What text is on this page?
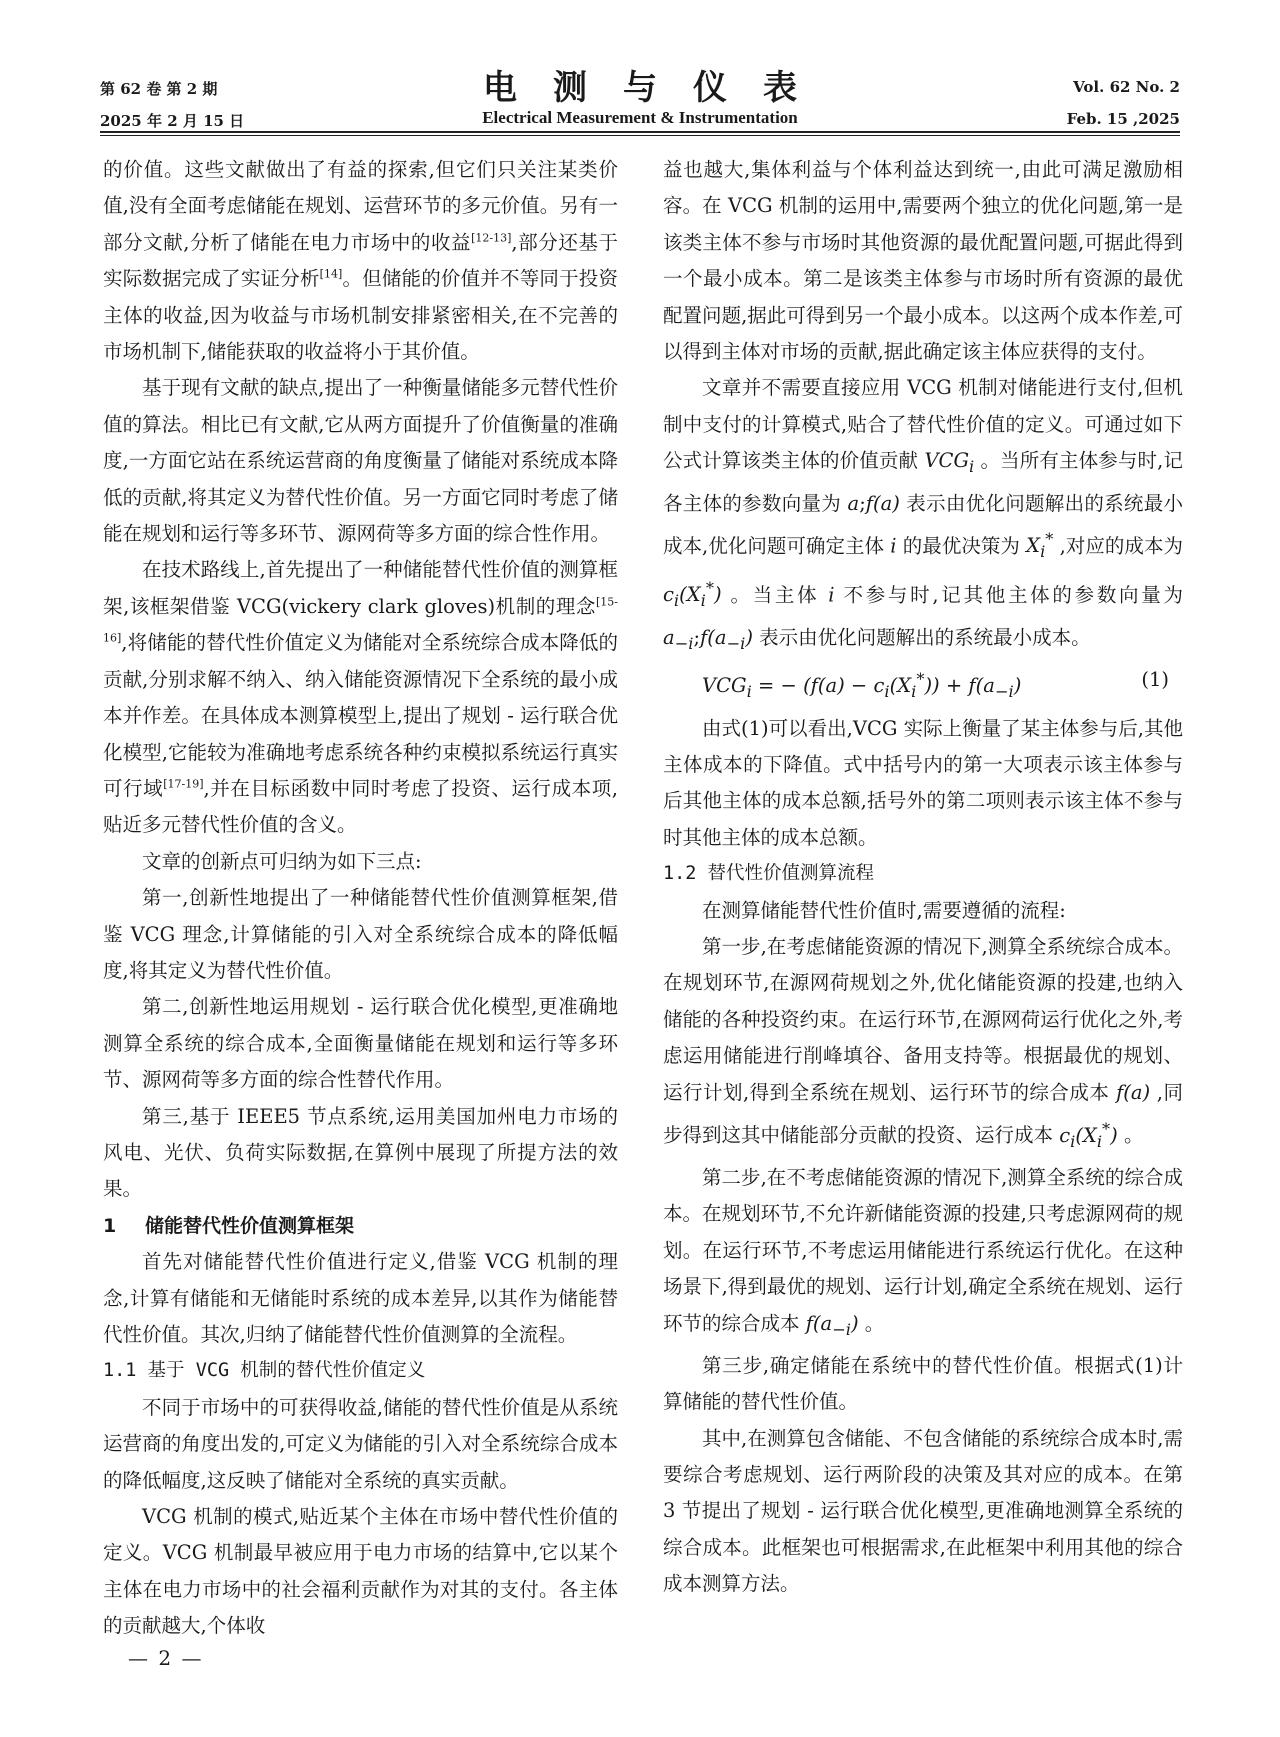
第 62 卷 第 2 期
2025 年 2 月 15 日
电测与仪表
Electrical Measurement & Instrumentation
Vol. 62 No. 2
Feb. 15 ,2025

的价值。这些文献做出了有益的探索,但它们只关注某类价值,没有全面考虑储能在规划、运营环节的多元价值。另有一部分文献,分析了储能在电力市场中的收益[12-13],部分还基于实际数据完成了实证分析[14]。但储能的价值并不等同于投资主体的收益,因为收益与市场机制安排紧密相关,在不完善的市场机制下,储能获取的收益将小于其价值。

基于现有文献的缺点,提出了一种衡量储能多元替代性价值的算法。相比已有文献,它从两方面提升了价值衡量的准确度,一方面它站在系统运营商的角度衡量了储能对系统成本降低的贡献,将其定义为替代性价值。另一方面它同时考虑了储能在规划和运行等多环节、源网荷等多方面的综合性作用。

在技术路线上,首先提出了一种储能替代性价值的测算框架,该框架借鉴 VCG(vickery clark gloves)机制的理念[15-16],将储能的替代性价值定义为储能对全系统综合成本降低的贡献,分别求解不纳入、纳入储能资源情况下全系统的最小成本并作差。在具体成本测算模型上,提出了规划 - 运行联合优化模型,它能较为准确地考虑系统各种约束模拟系统运行真实可行域[17-19],并在目标函数中同时考虑了投资、运行成本项,贴近多元替代性价值的含义。

文章的创新点可归纳为如下三点:

第一,创新性地提出了一种储能替代性价值测算框架,借鉴 VCG 理念,计算储能的引入对全系统综合成本的降低幅度,将其定义为替代性价值。

第二,创新性地运用规划 - 运行联合优化模型,更准确地测算全系统的综合成本,全面衡量储能在规划和运行等多环节、源网荷等多方面的综合性替代作用。

第三,基于 IEEE5 节点系统,运用美国加州电力市场的风电、光伏、负荷实际数据,在算例中展现了所提方法的效果。

1 储能替代性价值测算框架

首先对储能替代性价值进行定义,借鉴 VCG 机制的理念,计算有储能和无储能时系统的成本差异,以其作为储能替代性价值。其次,归纳了储能替代性价值测算的全流程。

1.1 基于 VCG 机制的替代性价值定义

不同于市场中的可获得收益,储能的替代性价值是从系统运营商的角度出发的,可定义为储能的引入对全系统综合成本的降低幅度,这反映了储能对全系统的真实贡献。

VCG 机制的模式,贴近某个主体在市场中替代性价值的定义。VCG 机制最早被应用于电力市场的结算中,它以某个主体在电力市场中的社会福利贡献作为对其的支付。各主体的贡献越大,个体收

益也越大,集体利益与个体利益达到统一,由此可满足激励相容。在 VCG 机制的运用中,需要两个独立的优化问题,第一是该类主体不参与市场时其他资源的最优配置问题,可据此得到一个最小成本。第二是该类主体参与市场时所有资源的最优配置问题,据此可得到另一个最小成本。以这两个成本作差,可以得到主体对市场的贡献,据此确定该主体应获得的支付。

文章并不需要直接应用 VCG 机制对储能进行支付,但机制中支付的计算模式,贴合了替代性价值的定义。可通过如下公式计算该类主体的价值贡献 $VCG_i$ 。当所有主体参与时,记各主体的参数向量为 a;f(a) 表示由优化问题解出的系统最小成本,优化问题可确定主体 i 的最优决策为 $X_i^*$ ,对应的成本为 $c_i(X_i^*)$ 。当主体 i 不参与时,记其他主体的参数向量为 $a_{-i};f(a_{-i})$ 表示由优化问题解出的系统最小成本。

$VCG_i$ = − $(f(a) - c_i(X_i^*)) + f(a_{-i})$	(1)

由式(1)可以看出,VCG 实际上衡量了某主体参与后,其他主体成本的下降值。式中括号内的第一大项表示该主体参与后其他主体的成本总额,括号外的第二项则表示该主体不参与时其他主体的成本总额。

1.2 替代性价值测算流程

在测算储能替代性价值时,需要遵循的流程:

第一步,在考虑储能资源的情况下,测算全系统综合成本。在规划环节,在源网荷规划之外,优化储能资源的投建,也纳入储能的各种投资约束。在运行环节,在源网荷运行优化之外,考虑运用储能进行削峰填谷、备用支持等。根据最优的规划、运行计划,得到全系统在规划、运行环节的综合成本 f(a) ,同步得到这其中储能部分贡献的投资、运行成本 $c_i(X_i^*)$ 。

第二步,在不考虑储能资源的情况下,测算全系统的综合成本。在规划环节,不允许新储能资源的投建,只考虑源网荷的规划。在运行环节,不考虑运用储能进行系统运行优化。在这种场景下,得到最优的规划、运行计划,确定全系统在规划、运行环节的综合成本 $f(a_{-i})$ 。

第三步,确定储能在系统中的替代性价值。根据式(1)计算储能的替代性价值。

其中,在测算包含储能、不包含储能的系统综合成本时,需要综合考虑规划、运行两阶段的决策及其对应的成本。在第 3 节提出了规划 - 运行联合优化模型,更准确地测算全系统的综合成本。此框架也可根据需求,在此框架中利用其他的综合成本测算方法。

— 2 —
